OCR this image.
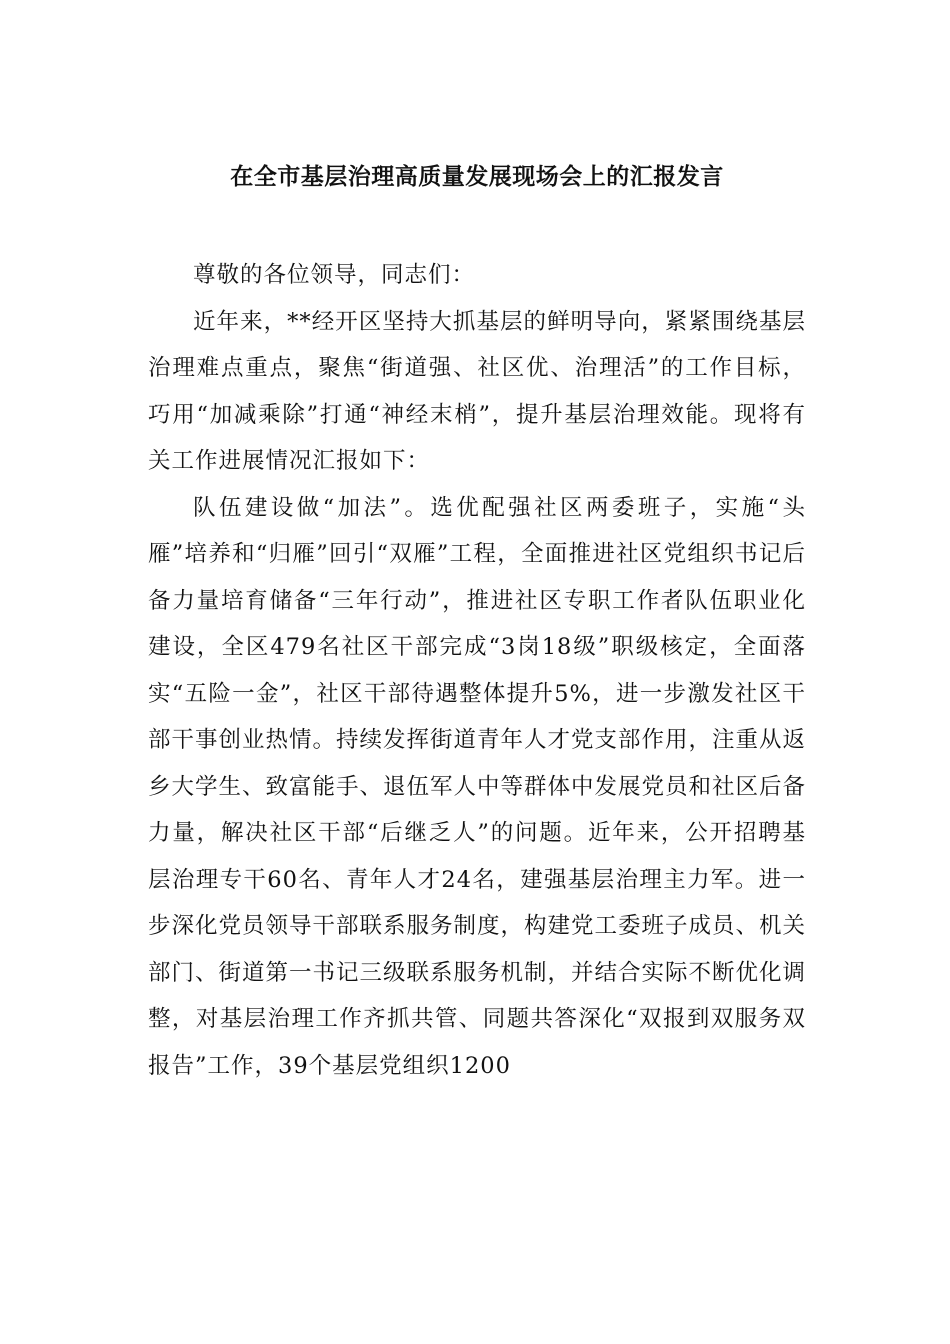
在全市基层治理高质量发展现场会上的汇报发言

尊敬的各位领导，同志们：

近年来，**经开区坚持大抓基层的鲜明导向，紧紧围绕基层治理难点重点，聚焦“街道强、社区优、治理活”的工作目标，巧用“加减乘除”打通“神经末梢”，提升基层治理效能。现将有关工作进展情况汇报如下：

队伍建设做“加法”。选优配强社区两委班子，实施“头雁”培养和“归雁”回引“双雁”工程，全面推进社区党组织书记后备力量培育储备“三年行动”，推进社区专职工作者队伍职业化建设，全区479名社区干部完成“3岗18级”职级核定，全面落实“五险一金”，社区干部待遇整体提升5%，进一步激发社区干部干事创业热情。持续发挥街道青年人才党支部作用，注重从返乡大学生、致富能手、退伍军人中等群体中发展党员和社区后备力量，解决社区干部“后继乏人”的问题。近年来，公开招聘基层治理专干60名、青年人才24名，建强基层治理主力军。进一步深化党员领导干部联系服务制度，构建党工委班子成员、机关部门、街道第一书记三级联系服务机制，并结合实际不断优化调整，对基层治理工作齐抓共管、同题共答深化“双报到双服务双报告”工作，39个基层党组织1200
